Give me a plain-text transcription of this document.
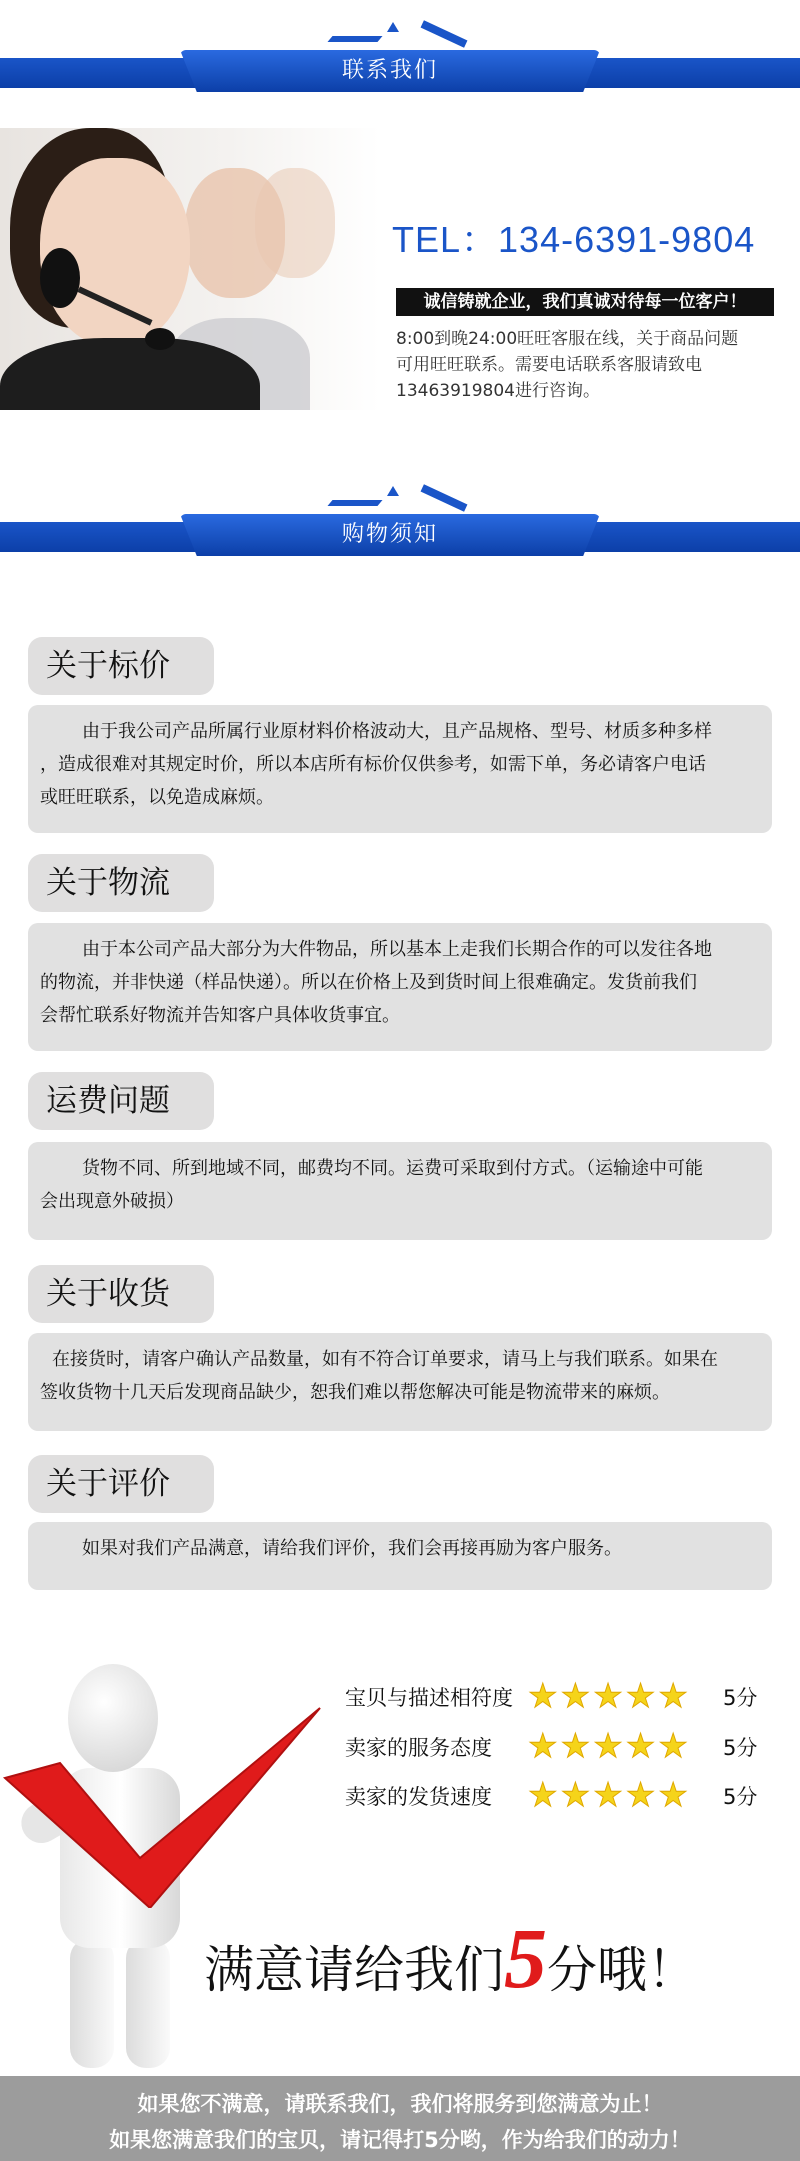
联系我们
TEL：134-6391-9804
诚信铸就企业，我们真诚对待每一位客户！
8:00到晚24:00旺旺客服在线，关于商品问题
可用旺旺联系。需要电话联系客服请致电
13463919804进行咨询。
购物须知
关于标价
由于我公司产品所属行业原材料价格波动大，且产品规格、型号、材质多种多样
，造成很难对其规定时价，所以本店所有标价仅供参考，如需下单，务必请客户电话
或旺旺联系，以免造成麻烦。
关于物流
由于本公司产品大部分为大件物品，所以基本上走我们长期合作的可以发往各地
的物流，并非快递（样品快递）。所以在价格上及到货时间上很难确定。发货前我们
会帮忙联系好物流并告知客户具体收货事宜。
运费问题
货物不同、所到地域不同，邮费均不同。运费可采取到付方式。（运输途中可能
会出现意外破损）
关于收货
在接货时，请客户确认产品数量，如有不符合订单要求，请马上与我们联系。如果在
签收货物十几天后发现商品缺少，恕我们难以帮您解决可能是物流带来的麻烦。
关于评价
如果对我们产品满意，请给我们评价，我们会再接再励为客户服务。
宝贝与描述相符度 ★ ★ ★ ★ ★ 5分
卖家的服务态度	★ ★ ★ ★ ★ 5分
卖家的发货速度	★ ★ ★ ★ ★ 5分
满意请给我们5分哦！
如果您不满意，请联系我们，我们将服务到您满意为止！
如果您满意我们的宝贝，请记得打5分哟，作为给我们的动力！
